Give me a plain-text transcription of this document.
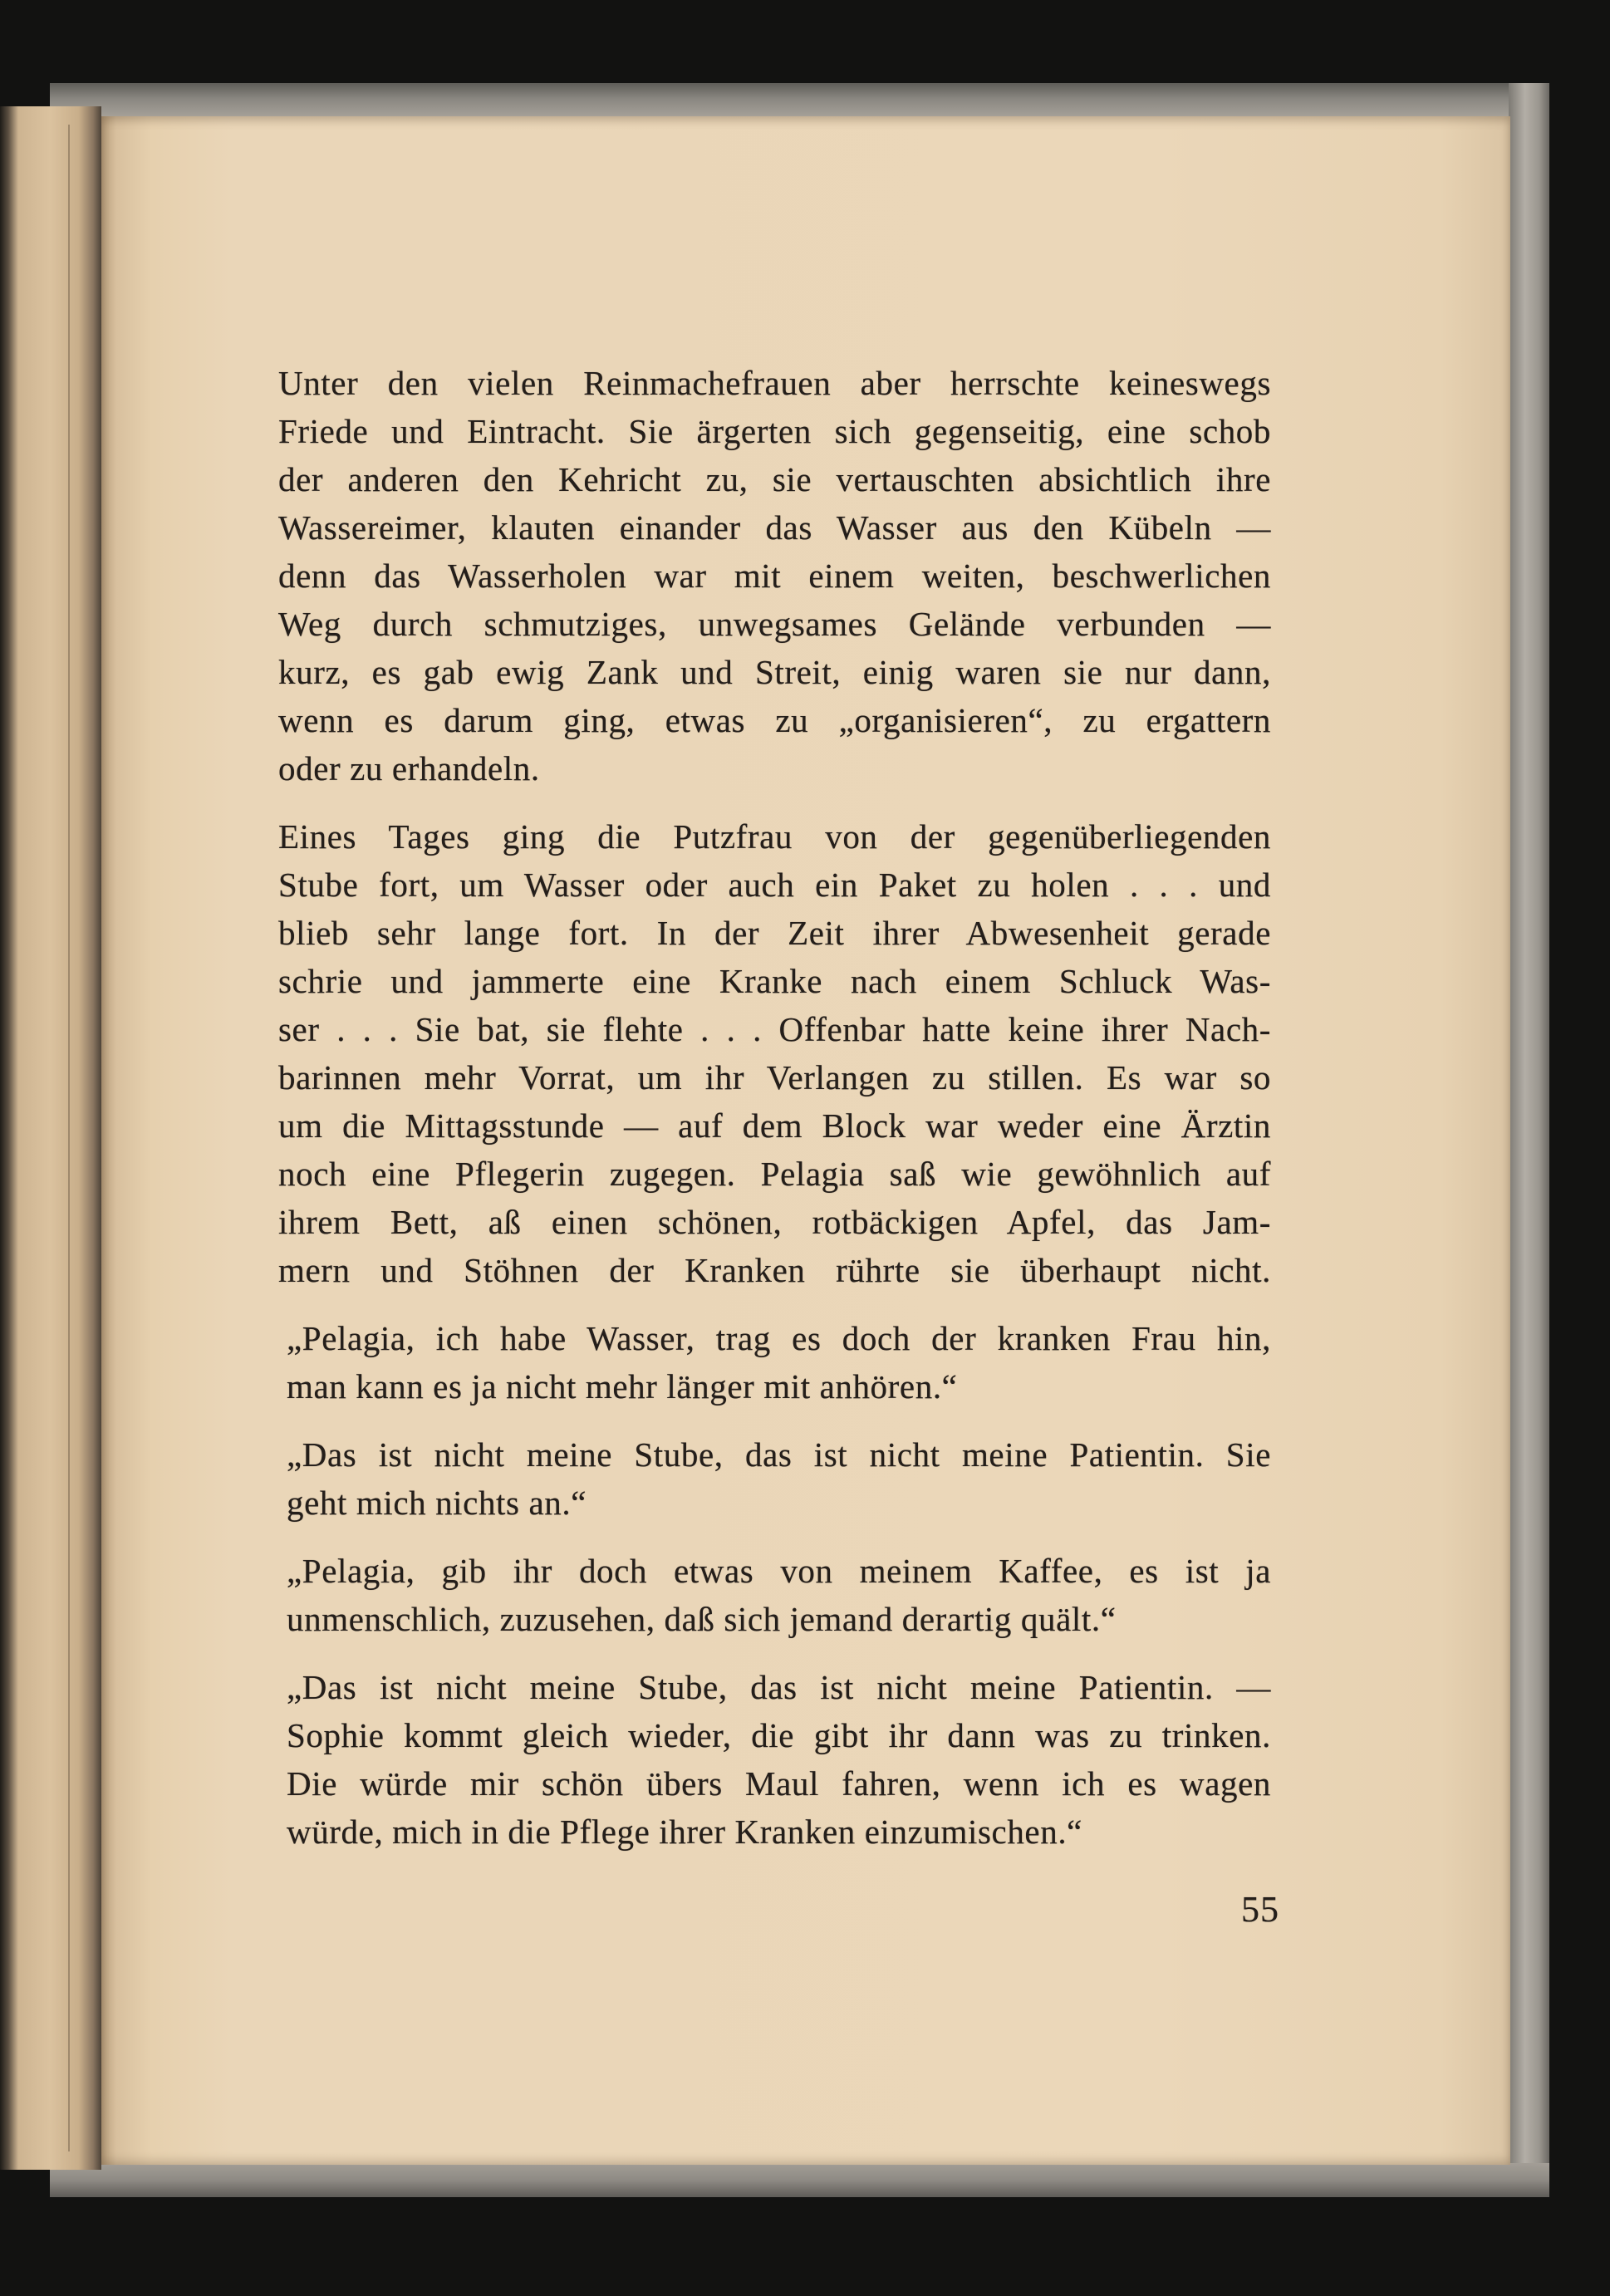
Unter den vielen Reinmachefrauen aber herrschte keineswegs
Friede und Eintracht. Sie ärgerten sich gegenseitig, eine schob
der anderen den Kehricht zu, sie vertauschten absichtlich ihre
Wassereimer, klauten einander das Wasser aus den Kübeln —
denn das Wasserholen war mit einem weiten, beschwerlichen
Weg durch schmutziges, unwegsames Gelände verbunden —
kurz, es gab ewig Zank und Streit, einig waren sie nur dann,
wenn es darum ging, etwas zu „organisieren“, zu ergattern
oder zu erhandeln.
Eines Tages ging die Putzfrau von der gegenüberliegenden
Stube fort, um Wasser oder auch ein Paket zu holen . . . und
blieb sehr lange fort. In der Zeit ihrer Abwesenheit gerade
schrie und jammerte eine Kranke nach einem Schluck Was-
ser . . . Sie bat, sie flehte . . . Offenbar hatte keine ihrer Nach-
barinnen mehr Vorrat, um ihr Verlangen zu stillen. Es war so
um die Mittagsstunde — auf dem Block war weder eine Ärztin
noch eine Pflegerin zugegen. Pelagia saß wie gewöhnlich auf
ihrem Bett, aß einen schönen, rotbäckigen Apfel, das Jam-
mern und Stöhnen der Kranken rührte sie überhaupt nicht.
„Pelagia, ich habe Wasser, trag es doch der kranken Frau hin,
man kann es ja nicht mehr länger mit anhören.“
„Das ist nicht meine Stube, das ist nicht meine Patientin. Sie
geht mich nichts an.“
„Pelagia, gib ihr doch etwas von meinem Kaffee, es ist ja
unmenschlich, zuzusehen, daß sich jemand derartig quält.“
„Das ist nicht meine Stube, das ist nicht meine Patientin. —
Sophie kommt gleich wieder, die gibt ihr dann was zu trinken.
Die würde mir schön übers Maul fahren, wenn ich es wagen
würde, mich in die Pflege ihrer Kranken einzumischen.“
55
